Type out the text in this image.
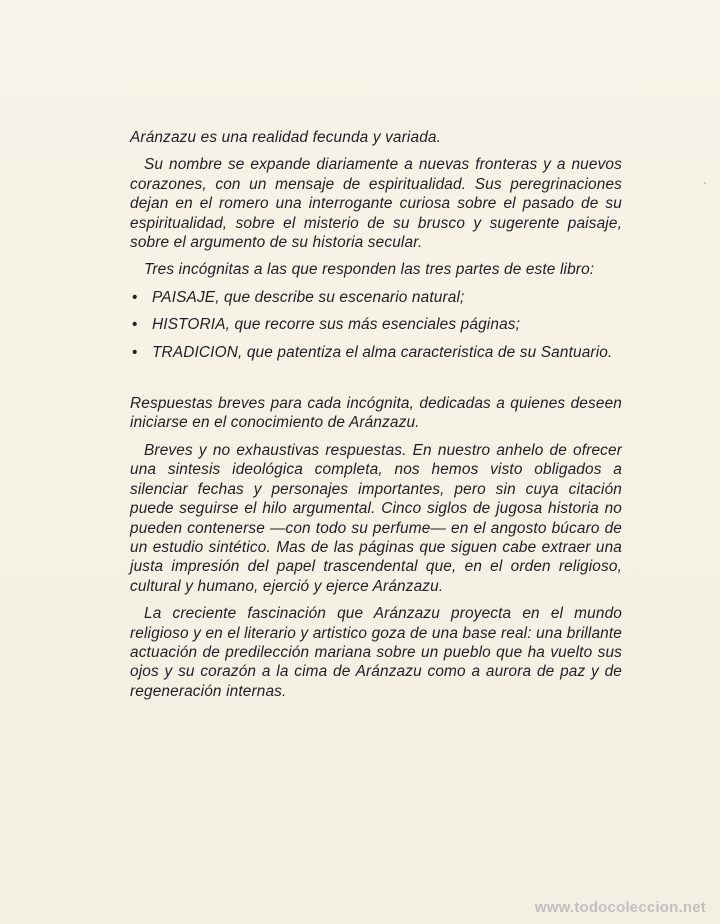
Aránzazu es una realidad fecunda y variada.

Su nombre se expande diariamente a nuevas fronteras y a nuevos corazones, con un mensaje de espiritualidad. Sus peregrinaciones dejan en el romero una interrogante curiosa sobre el pasado de su espiritualidad, sobre el misterio de su brusco y sugerente paisaje, sobre el argumento de su historia secular.

Tres incógnitas a las que responden las tres partes de este libro:

• PAISAJE, que describe su escenario natural;
• HISTORIA, que recorre sus más esenciales páginas;
• TRADICION, que patentiza el alma caracteristica de su Santuario.

Respuestas breves para cada incógnita, dedicadas a quienes deseen iniciarse en el conocimiento de Aránzazu.

Breves y no exhaustivas respuestas. En nuestro anhelo de ofrecer una sintesis ideológica completa, nos hemos visto obligados a silenciar fechas y personajes importantes, pero sin cuya citación puede seguirse el hilo argumental. Cinco siglos de jugosa historia no pueden contenerse —con todo su perfume— en el angosto búcaro de un estudio sintético. Mas de las páginas que siguen cabe extraer una justa impresión del papel trascendental que, en el orden religioso, cultural y humano, ejerció y ejerce Aránzazu.

La creciente fascinación que Aránzazu proyecta en el mundo religioso y en el literario y artistico goza de una base real: una brillante actuación de predilección mariana sobre un pueblo que ha vuelto sus ojos y su corazón a la cima de Aránzazu como a aurora de paz y de regeneración internas.

www.todocoleccion.net
